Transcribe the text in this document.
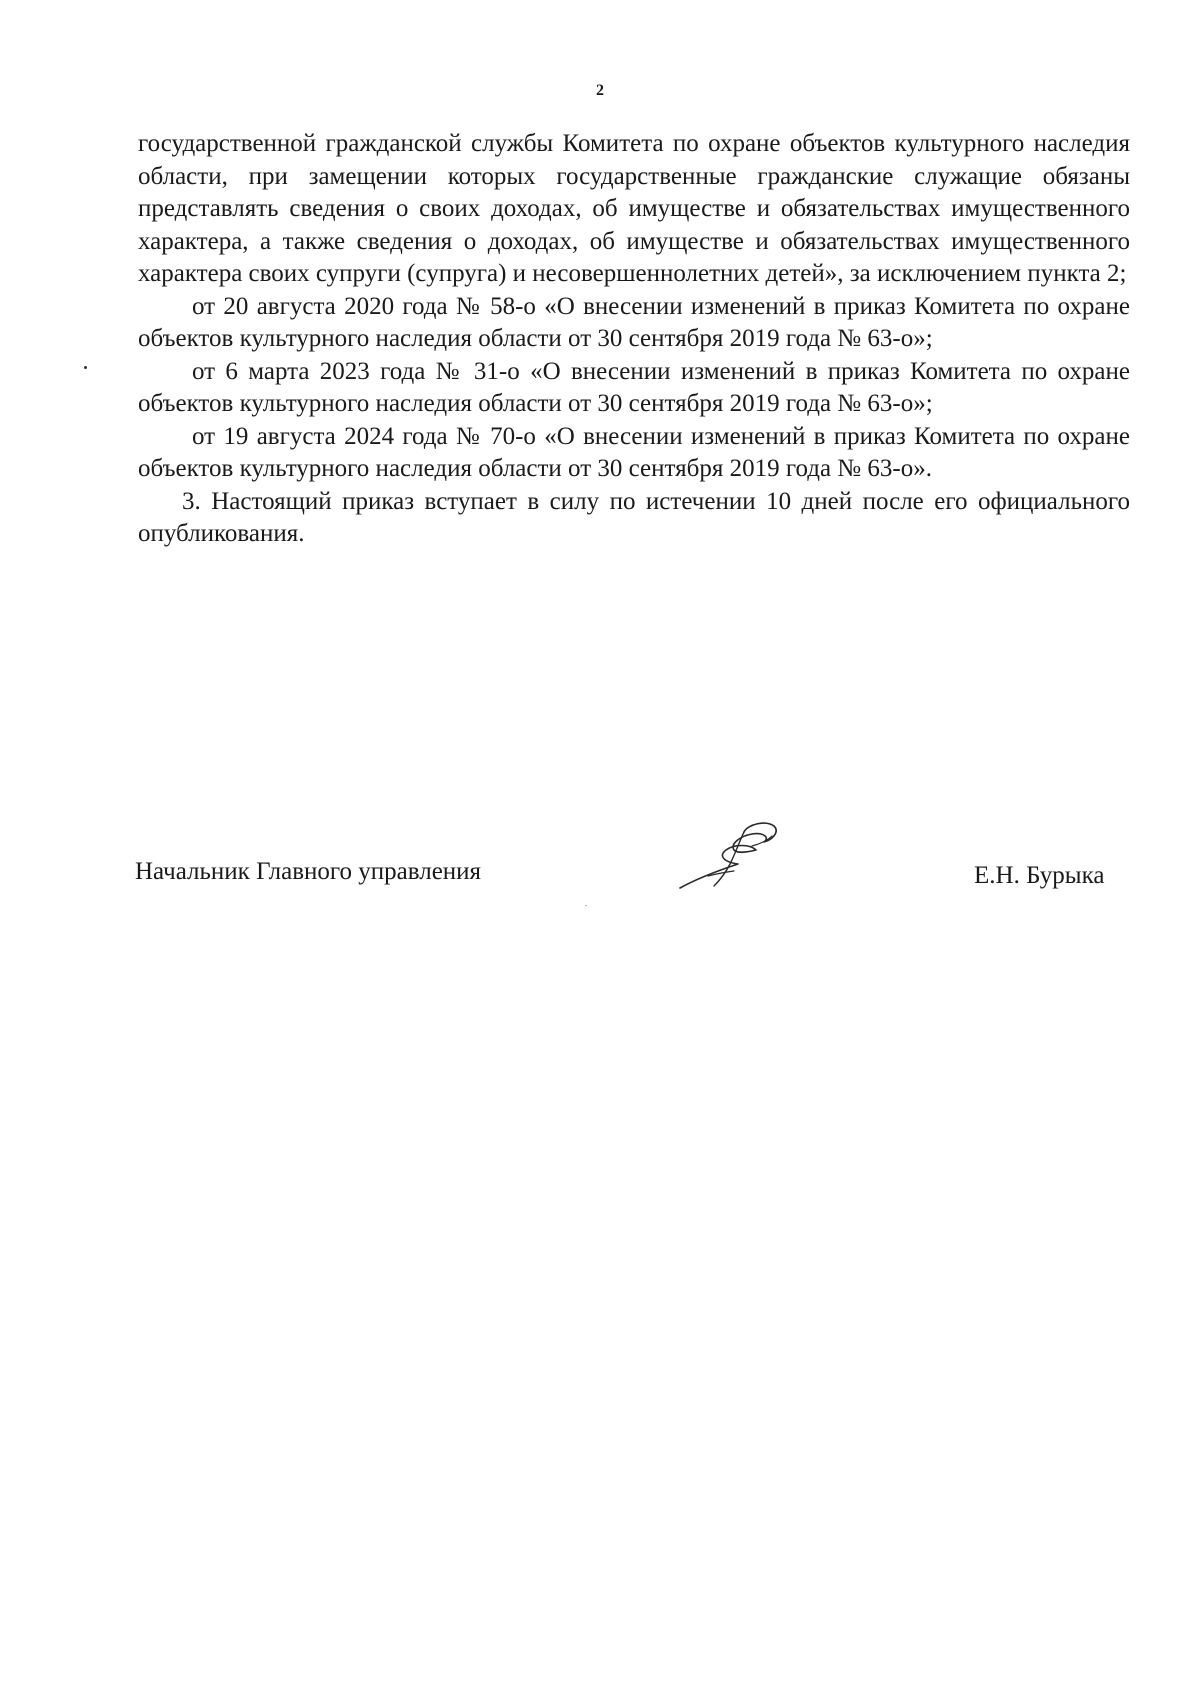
2

государственной гражданской службы Комитета по охране объектов культурного наследия области, при замещении которых государственные гражданские служащие обязаны представлять сведения о своих доходах, об имуществе и обязательствах имущественного характера, а также сведения о доходах, об имуществе и обязательствах имущественного характера своих супруги (супруга) и несовершеннолетних детей», за исключением пункта 2;

от 20 августа 2020 года № 58-о «О внесении изменений в приказ Комитета по охране объектов культурного наследия области от 30 сентября 2019 года № 63-о»;

от 6 марта 2023 года № 31-о «О внесении изменений в приказ Комитета по охране объектов культурного наследия области от 30 сентября 2019 года № 63-о»;

от 19 августа 2024 года № 70-о «О внесении изменений в приказ Комитета по охране объектов культурного наследия области от 30 сентября 2019 года № 63-о».

3. Настоящий приказ вступает в силу по истечении 10 дней после его официального опубликования.

Начальник Главного управления	Е.Н. Бурыка
